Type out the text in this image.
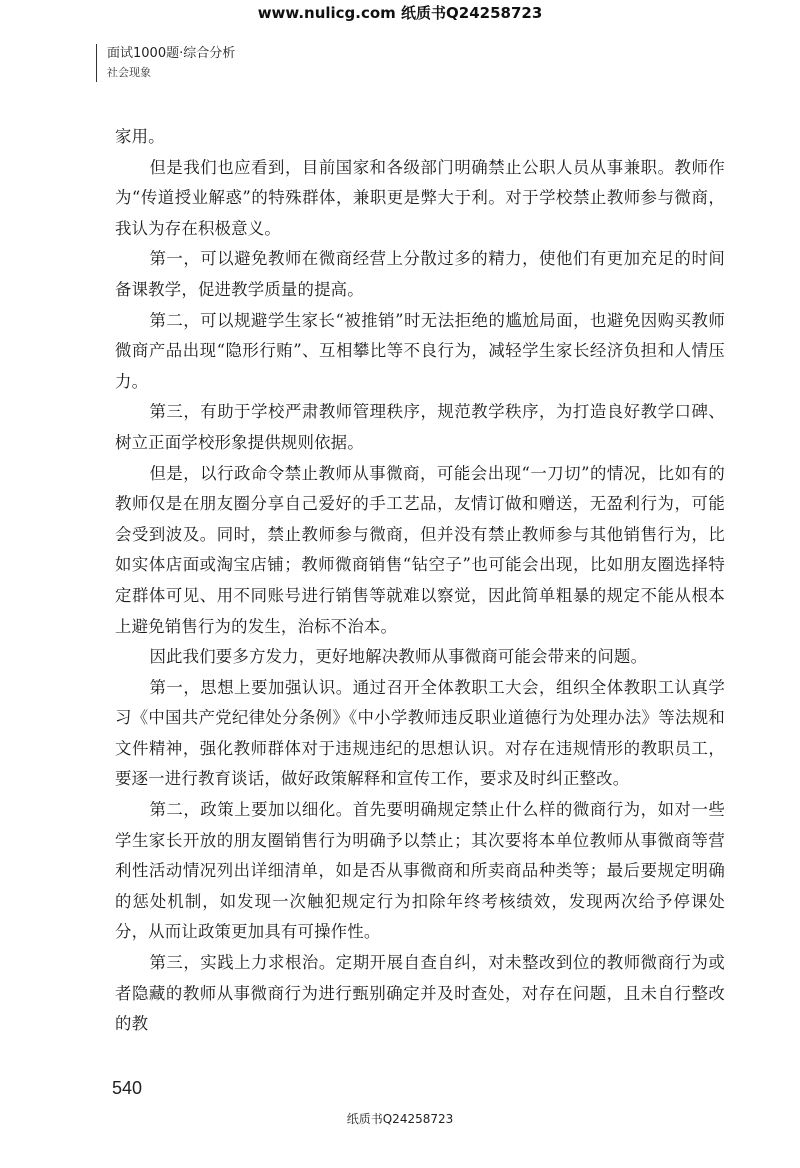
www.nulicg.com 纸质书Q24258723
面试1000题·综合分析
社会现象

家用。

但是我们也应看到，目前国家和各级部门明确禁止公职人员从事兼职。教师作为“传道授业解惑”的特殊群体，兼职更是弊大于利。对于学校禁止教师参与微商，我认为存在积极意义。

第一，可以避免教师在微商经营上分散过多的精力，使他们有更加充足的时间备课教学，促进教学质量的提高。

第二，可以规避学生家长“被推销”时无法拒绝的尴尬局面，也避免因购买教师微商产品出现“隐形行贿”、互相攀比等不良行为，减轻学生家长经济负担和人情压力。

第三，有助于学校严肃教师管理秩序，规范教学秩序，为打造良好教学口碑、树立正面学校形象提供规则依据。

但是，以行政命令禁止教师从事微商，可能会出现“一刀切”的情况，比如有的教师仅是在朋友圈分享自己爱好的手工艺品，友情订做和赠送，无盈利行为，可能会受到波及。同时，禁止教师参与微商，但并没有禁止教师参与其他销售行为，比如实体店面或淘宝店铺；教师微商销售“钻空子”也可能会出现，比如朋友圈选择特定群体可见、用不同账号进行销售等就难以察觉，因此简单粗暴的规定不能从根本上避免销售行为的发生，治标不治本。

因此我们要多方发力，更好地解决教师从事微商可能会带来的问题。

第一，思想上要加强认识。通过召开全体教职工大会，组织全体教职工认真学习《中国共产党纪律处分条例》《中小学教师违反职业道德行为处理办法》等法规和文件精神，强化教师群体对于违规违纪的思想认识。对存在违规情形的教职员工，要逐一进行教育谈话，做好政策解释和宣传工作，要求及时纠正整改。

第二，政策上要加以细化。首先要明确规定禁止什么样的微商行为，如对一些学生家长开放的朋友圈销售行为明确予以禁止；其次要将本单位教师从事微商等营利性活动情况列出详细清单，如是否从事微商和所卖商品种类等；最后要规定明确的惩处机制，如发现一次触犯规定行为扣除年终考核绩效，发现两次给予停课处分，从而让政策更加具有可操作性。

第三，实践上力求根治。定期开展自查自纠，对未整改到位的教师微商行为或者隐藏的教师从事微商行为进行甄别确定并及时查处，对存在问题，且未自行整改的教

540
纸质书Q24258723
